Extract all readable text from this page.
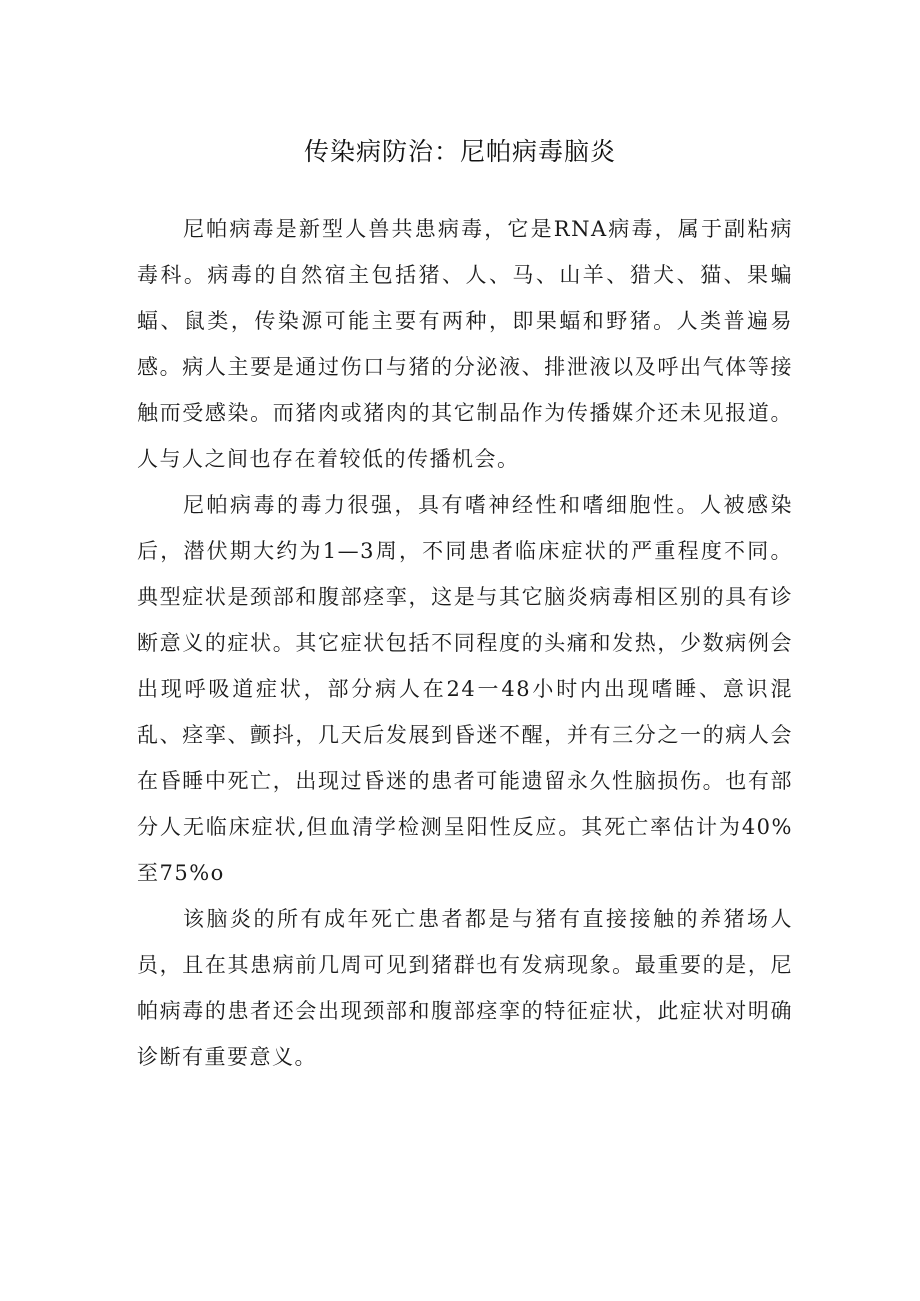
传染病防治：尼帕病毒脑炎

尼帕病毒是新型人兽共患病毒，它是RNA病毒，属于副粘病毒科。病毒的自然宿主包括猪、人、马、山羊、猎犬、猫、果蝙蝠、鼠类，传染源可能主要有两种，即果蝠和野猪。人类普遍易感。病人主要是通过伤口与猪的分泌液、排泄液以及呼出气体等接触而受感染。而猪肉或猪肉的其它制品作为传播媒介还未见报道。人与人之间也存在着较低的传播机会。

尼帕病毒的毒力很强，具有嗜神经性和嗜细胞性。人被感染后，潜伏期大约为1—3周，不同患者临床症状的严重程度不同。典型症状是颈部和腹部痉挛，这是与其它脑炎病毒相区别的具有诊断意义的症状。其它症状包括不同程度的头痛和发热，少数病例会出现呼吸道症状，部分病人在24一48小时内出现嗜睡、意识混乱、痉挛、颤抖，几天后发展到昏迷不醒，并有三分之一的病人会在昏睡中死亡，出现过昏迷的患者可能遗留永久性脑损伤。也有部分人无临床症状,但血清学检测呈阳性反应。其死亡率估计为40%至75%o

该脑炎的所有成年死亡患者都是与猪有直接接触的养猪场人员，且在其患病前几周可见到猪群也有发病现象。最重要的是，尼帕病毒的患者还会出现颈部和腹部痉挛的特征症状，此症状对明确诊断有重要意义。
